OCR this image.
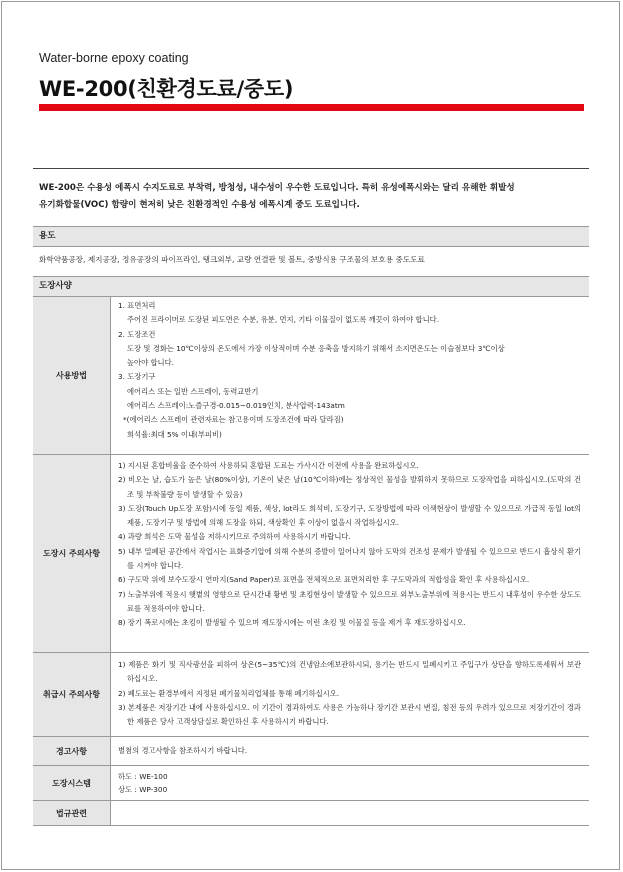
Water-borne epoxy coating
WE-200(친환경도료/중도)
WE-200은 수용성 에폭시 수지도료로 부착력, 방청성, 내수성이 우수한 도료입니다. 특히 유성에폭시와는 달리 유해한 휘발성
유기화합물(VOC) 함량이 현저히 낮은 친환경적인 수용성 에폭시계 중도 도료입니다.
용도
화학약품공장, 제지공장, 정유공장의 파이프라인, 탱크외부, 교량 연결판 및 볼트, 중방식용 구조물의 보호용 중도도료
도장사양
사용방법
1. 표면처리
주어진 프라이머로 도장된 피도면은 수분, 유분, 먼지, 기타 이물질이 없도록 깨끗이 하여야 합니다.
2. 도장조건
도장 및 경화는 10℃이상의 온도에서 가장 이상적이며 수분 응축을 방지하기 위해서 소지면온도는 이슬점보다 3℃이상
높아야 합니다.
3. 도장기구
에어리스 또는 일반 스프레이, 동력교반기
에어리스 스프레이:노즐구경-0.015~0.019인치, 분사압력-143atm
*(에어리스 스프레이 관련자료는 참고용이며 도장조건에 따라 달라짐)
희석율:최대 5% 이내(부피비)
도장시 주의사항
1) 지시된 혼합비율을 준수하여 사용하되 혼합된 도료는 가사시간 이전에 사용을 완료하십시오.
2) 비오는 날, 습도가 높은 날(80%이상), 기온이 낮은 날(10℃이하)에는 정상적인 물성을 발휘하지 못하므로 도장작업을 피하십시오.(도막의 건조 및 부착불량 등이 발생할 수 있음)
3) 도장(Touch Up도장 포함)시에 동일 제품, 색상, lot라도 희석비, 도장기구, 도장방법에 따라 이색현상이 발생할 수 있으므로 가급적 동일 lot의 제품, 도장기구 및 방법에 의해 도장을 하되, 색상확인 후 이상이 없을시 작업하십시오.
4) 과량 희석은 도막 물성을 저하시키므로 주의하여 사용하시기 바랍니다.
5) 내부 밀폐된 공간에서 작업시는 표화증기압에 의해 수분의 증발이 일어나지 않아 도막의 건조성 문제가 발생될 수 있으므로 반드시 흡상식 환기를 시켜야 합니다.
6) 구도막 위에 보수도장시 연마지(Sand Paper)로 표면을 전체적으로 표면처리한 후 구도막과의 적합성을 확인 후 사용하십시오.
7) 노출부위에 적용시 햇볕의 영향으로 단시간내 황변 및 초킹현상이 발생할 수 있으므로 외부노출부위에 적용시는 반드시 내후성이 우수한 상도도료를 적용하여야 합니다.
8) 장기 폭로시에는 초킹이 발생될 수 있으며 재도장시에는 이런 초킹 및 이물질 등을 제거 후 재도장하십시오.
취급시 주의사항
1) 제품은 화기 및 직사광선을 피하여 상온(5~35℃)의 건냉암소에보관하시되, 용기는 반드시 밀폐시키고 주입구가 상단을 향하도록세워서 보관하십시오.
2) 폐도료는 환경부에서 지정된 폐기물처리업체를 통해 폐기하십시오.
3) 본제품은 저장기간 내에 사용하십시오. 이 기간이 경과하여도 사용은 가능하나 장기간 보관시 변질, 침전 등의 우려가 있으므로 저장기간이 경과한 제품은 당사 고객상담실로 확인하신 후 사용하시기 바랍니다.
경고사항	별첨의 경고사항을 참조하시기 바랍니다.
도장시스템
하도 : WE-100
상도 : WP-300
법규관련
